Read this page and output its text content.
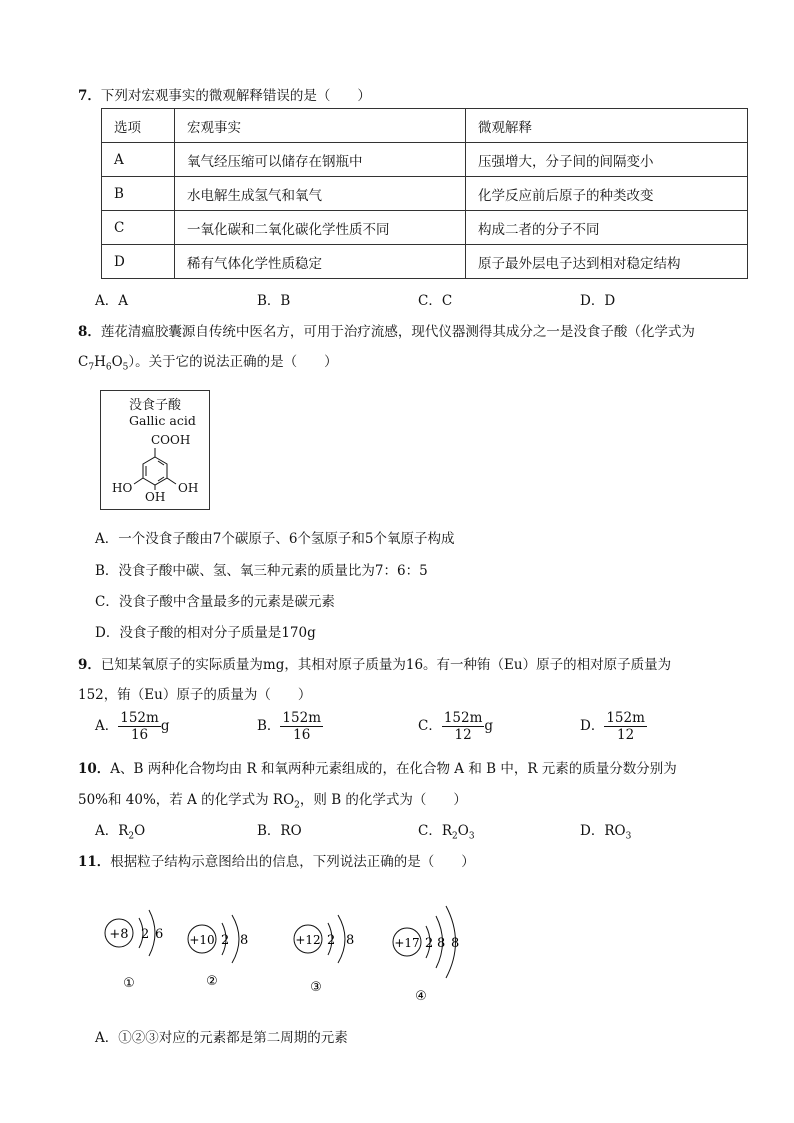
7．下列对宏观事实的微观解释错误的是（　　）
选项	宏观事实	微观解释
A	氧气经压缩可以储存在钢瓶中	压强增大，分子间的间隔变小
B	水电解生成氢气和氧气	化学反应前后原子的种类改变
C	一氧化碳和二氧化碳化学性质不同	构成二者的分子不同
D	稀有气体化学性质稳定	原子最外层电子达到相对稳定结构
A．A	B．B	C．C	D．D
8．莲花清瘟胶囊源自传统中医名方，可用于治疗流感，现代仪器测得其成分之一是没食子酸（化学式为
$C_7H_6O_5$）。关于它的说法正确的是（　　）
没食子酸
Gallic acid
COOH
HO
OH
OH
A．一个没食子酸由7个碳原子、6个氢原子和5个氧原子构成
B．没食子酸中碳、氢、氧三种元素的质量比为7：6：5
C．没食子酸中含量最多的元素是碳元素
D．没食子酸的相对分子质量是170g
9．已知某氧原子的实际质量为mg，其相对原子质量为16。有一种铕（Eu）原子的相对原子质量为
152，铕（Eu）原子的质量为（　　）
A． $\frac{152m}{16}$ g	B． $\frac{152m}{16}$	C． $\frac{152m}{12}$ g	D． $\frac{152m}{12}$
10．A、B 两种化合物均由 R 和氧两种元素组成的，在化合物 A 和 B 中，R 元素的质量分数分别为
50%和 40%，若 A 的化学式为 $RO_2$，则 B 的化学式为（　　）
A．$R_2O$	B．RO	C．$R_2O_3$	D．$RO_3$
11．根据粒子结构示意图给出的信息，下列说法正确的是（　　）
+8 2 6
①
+10 2 8
②
+12 2 8
③
+17 2 8 8
④
A．①②③对应的元素都是第二周期的元素
